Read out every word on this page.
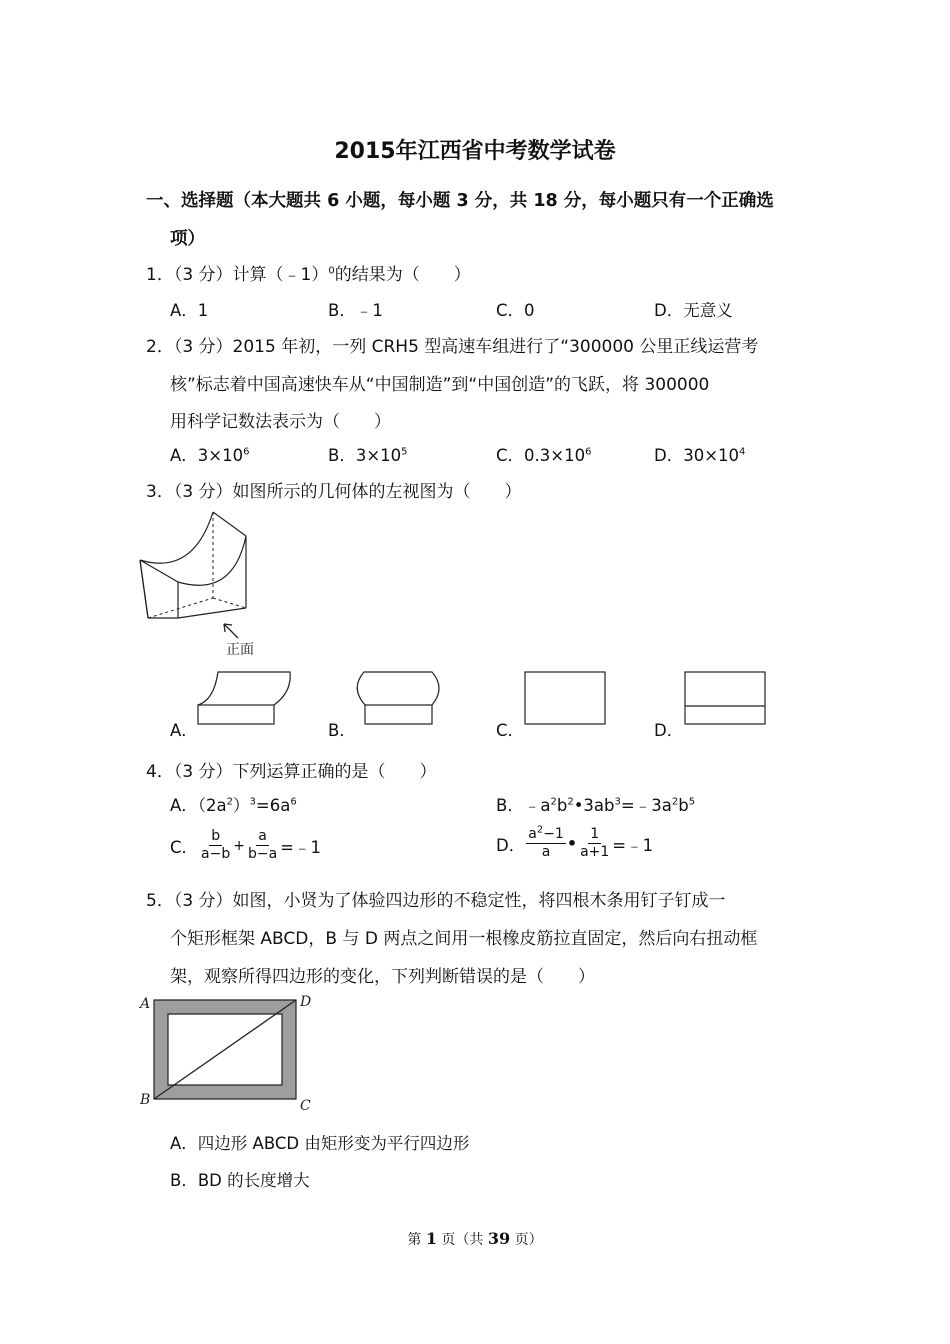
2015年江西省中考数学试卷
一、选择题（本大题共 6 小题，每小题 3 分，共 18 分，每小题只有一个正确选
项）
1．（3 分）计算（﹣1）$^0$的结果为（　　）
A．1	B．﹣1	C．0	D．无意义
2．（3 分）2015 年初，一列 CRH5 型高速车组进行了“300000 公里正线运营考
核”标志着中国高速快车从“中国制造”到“中国创造”的飞跃，将 300000
用科学记数法表示为（　　）
A．$3\times 10^6$	B．$3\times 10^5$	C．$0.3\times 10^6$	D．$30\times 10^4$
3．（3 分）如图所示的几何体的左视图为（　　）
正面
A．	B．	C．	D．
4．（3 分）下列运算正确的是（　　）
A．$(2a^2)^3=6a^6$	B．$﹣a^2b^2•3ab^3=﹣3a^2b^5$
C． $\frac{b}{a-b} + \frac{a}{b-a}$ =﹣1	D． $\frac{a^2-1}{a}$ • $\frac{1}{a+1}$ =﹣1
5．（3 分）如图，小贤为了体验四边形的不稳定性，将四根木条用钉子钉成一
个矩形框架 ABCD，B 与 D 两点之间用一根橡皮筋拉直固定，然后向右扭动框
架，观察所得四边形的变化，下列判断错误的是（　　）
A	D
B	C
A．四边形 ABCD 由矩形变为平行四边形
B．BD 的长度增大
第 1 页（共 39 页）
